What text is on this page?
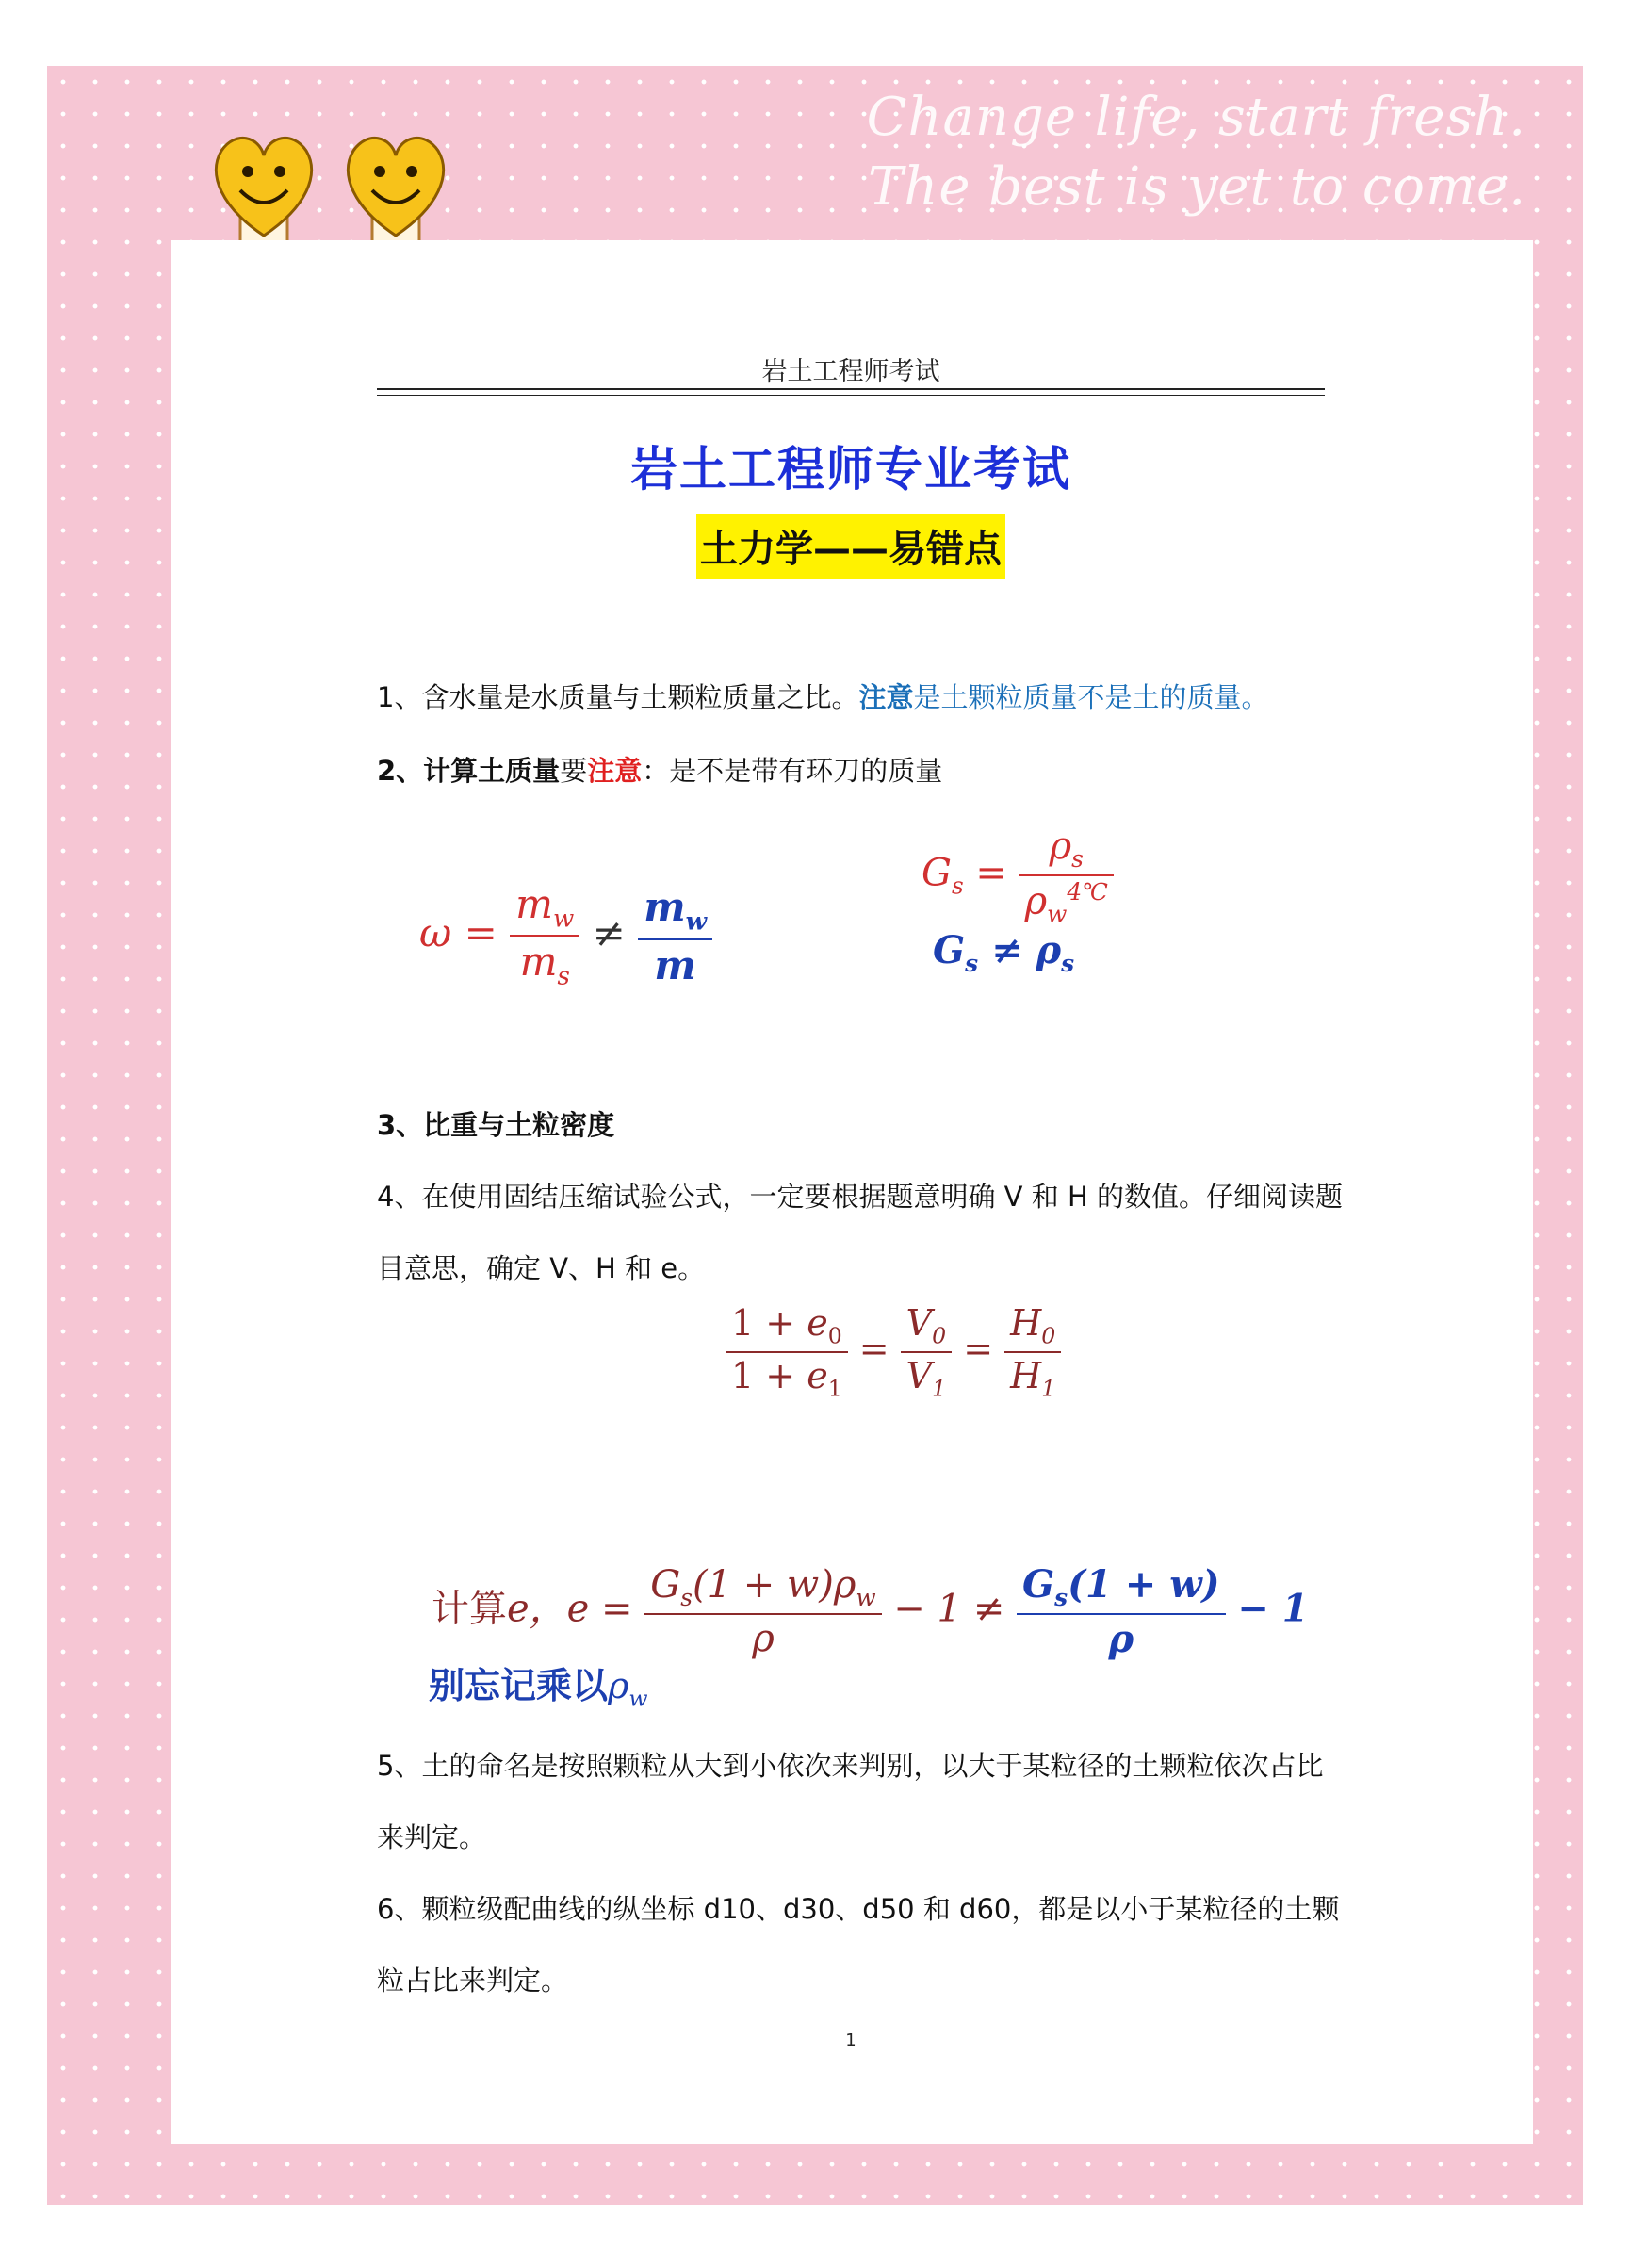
Change life, start fresh.
The best is yet to come.
岩土工程师考试
岩土工程师专业考试
土力学——易错点
1、含水量是水质量与土颗粒质量之比。注意是土颗粒质量不是土的质量。
2、计算土质量要注意：是不是带有环刀的质量
$\omega = \frac{m_w}{m_s} \ne \frac{m_w}{m}$
$G_s = \frac{\rho_s}{\rho_w^{4℃}}$
$G_s \ne \rho_s$
3、比重与土粒密度
4、在使用固结压缩试验公式，一定要根据题意明确 V 和 H 的数值。仔细阅读题
目意思，确定 V、H 和 e。
$\frac{1 + e_0}{1 + e_1} = \frac{V_0}{V_1} = \frac{H_0}{H_1}$
计算e，$e = \frac{G_s(1 + w)\rho_w}{\rho} - 1 \ne \frac{G_s(1 + w)}{\rho} - 1$
别忘记乘以$\rho_w$
5、土的命名是按照颗粒从大到小依次来判别，以大于某粒径的土颗粒依次占比
来判定。
6、颗粒级配曲线的纵坐标 d10、d30、d50 和 d60，都是以小于某粒径的土颗
粒占比来判定。
1
